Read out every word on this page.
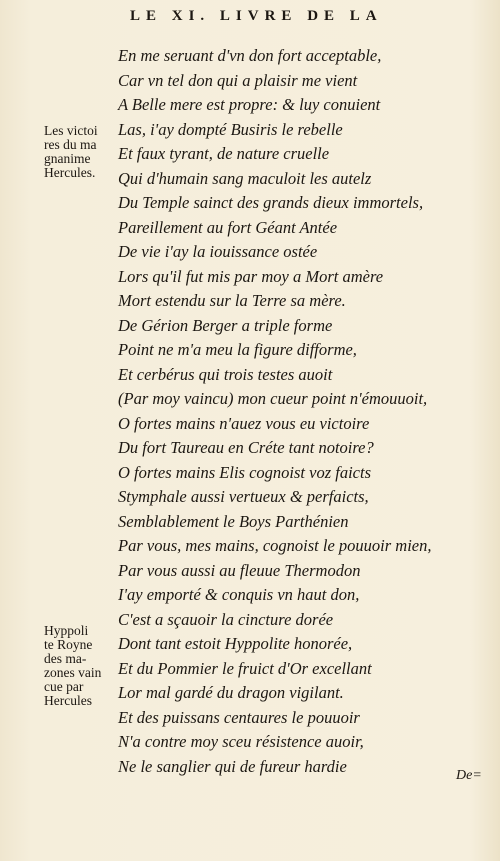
LE XI. LIVRE DE LA
En me seruant d'vn don fort acceptable,
Car vn tel don qui a plaisir me vient
A Belle mere est propre: & luy conuient
Las, i'ay dompté Busiris le rebelle
Et faux tyrant, de nature cruelle
Qui d'humain sang maculoit les autelz
Du Temple sainct des grands dieux immortels,
Pareillement au fort Géant Antée
De vie i'ay la iouissance ostée
Lors qu'il fut mis par moy a Mort amère
Mort estendu sur la Terre sa mère.
De Gérion Berger a triple forme
Point ne m'a meu la figure difforme,
Et cerbérus qui trois testes auoit
(Par moy vaincu) mon cueur point n'émouuoit,
O fortes mains n'auez vous eu victoire
Du fort Taureau en Créte tant notoire?
O fortes mains Elis cognoist voz faicts
Stymphale aussi vertueux & perfaicts,
Semblablement le Boys Parthénien
Par vous, mes mains, cognoist le pouuoir mien,
Par vous aussi au fleuue Thermodon
I'ay emporté & conquis vn haut don,
C'est a sçauoir la cincture dorée
Dont tant estoit Hyppolite honorée,
Et du Pommier le fruict d'Or excellant
Lor mal gardé du dragon vigilant.
Et des puissans centaures le pouuoir
N'a contre moy sceu résistence auoir,
Ne le sanglier qui de fureur hardie
Les victoi
res du ma
gnanime
Hercules.
Hyppoli
te Royne
des ma-
zones vain
cue par
Hercules
De=
